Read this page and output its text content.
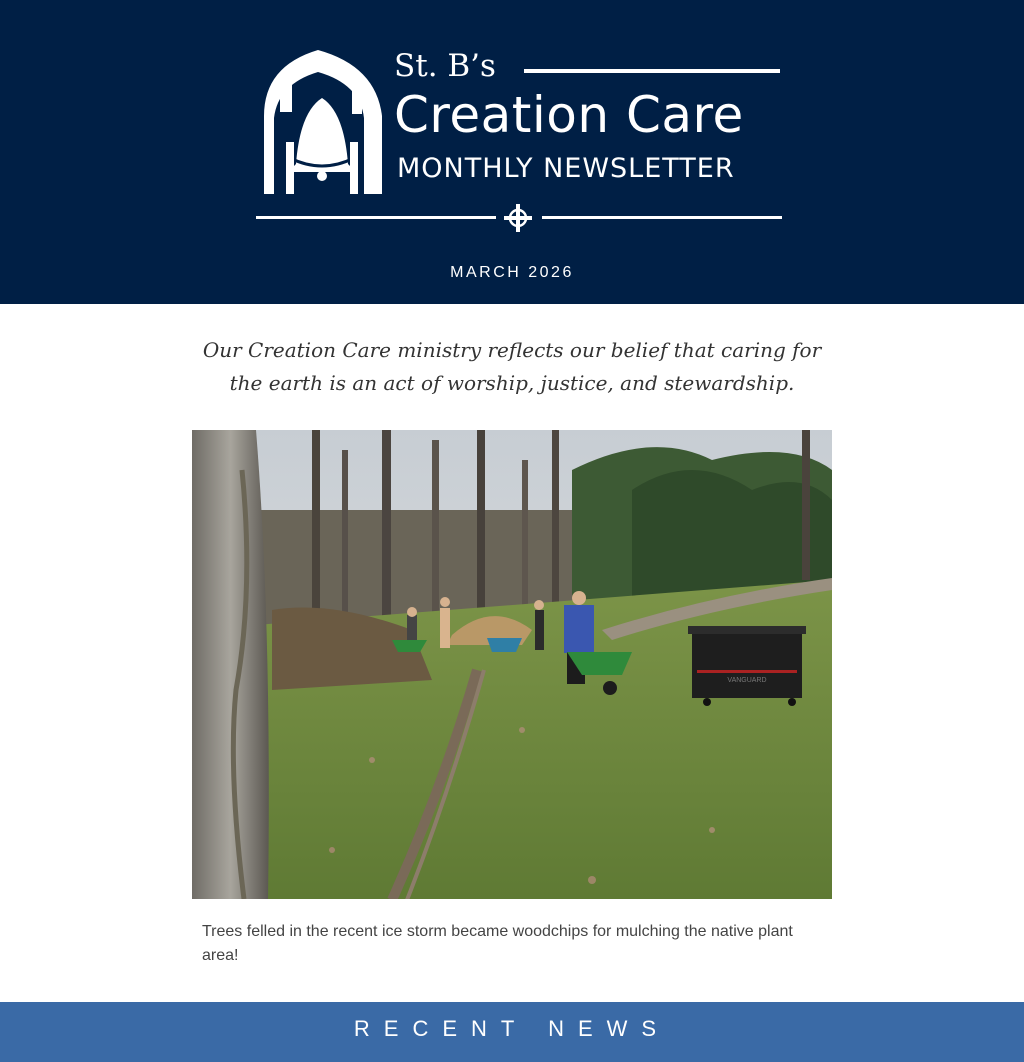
St. B’s
Creation Care
MONTHLY NEWSLETTER
MARCH 2026
Our Creation Care ministry reflects our belief that caring for the earth is an act of worship, justice, and stewardship.
VANGUARD
Trees felled in the recent ice storm became woodchips for mulching the native plant area!
RECENT NEWS
